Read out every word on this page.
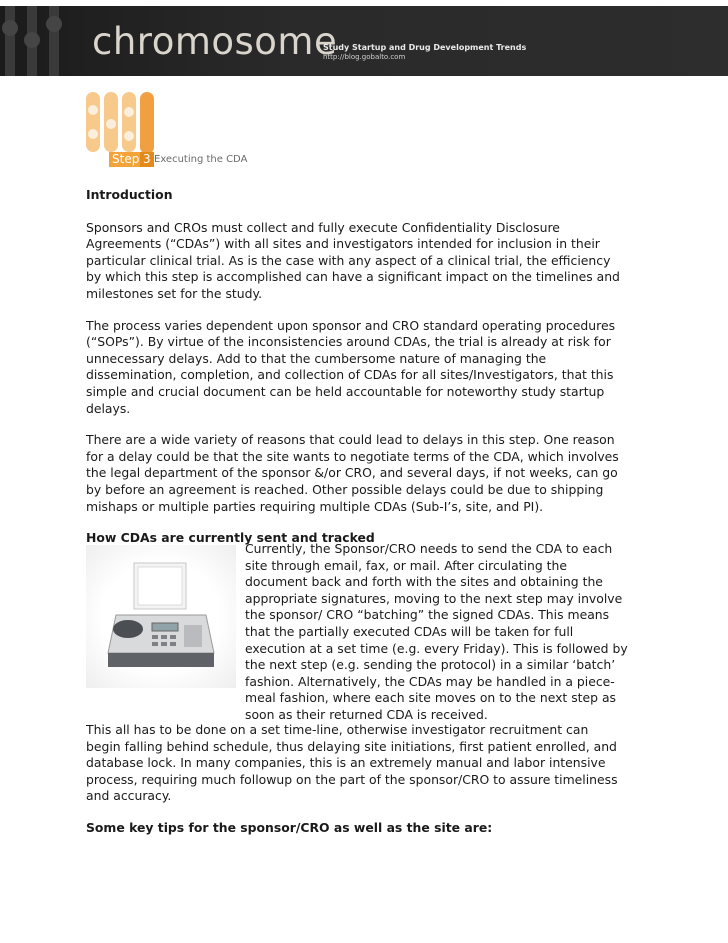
chromosome
Study Startup and Drug Development Trends
http://blog.gobalto.com
Step 3 Executing the CDA

Introduction

Sponsors and CROs must collect and fully execute Confidentiality Disclosure Agreements (“CDAs”) with all sites and investigators intended for inclusion in their particular clinical trial. As is the case with any aspect of a clinical trial, the efficiency by which this step is accomplished can have a significant impact on the timelines and milestones set for the study.

The process varies dependent upon sponsor and CRO standard operating procedures (“SOPs”). By virtue of the inconsistencies around CDAs, the trial is already at risk for unnecessary delays. Add to that the cumbersome nature of managing the dissemination, completion, and collection of CDAs for all sites/Investigators, that this simple and crucial document can be held accountable for noteworthy study startup delays.

There are a wide variety of reasons that could lead to delays in this step. One reason for a delay could be that the site wants to negotiate terms of the CDA, which involves the legal department of the sponsor &/or CRO, and several days, if not weeks, can go by before an agreement is reached. Other possible delays could be due to shipping mishaps or multiple parties requiring multiple CDAs (Sub-I’s, site, and PI).

How CDAs are currently sent and tracked

Currently, the Sponsor/CRO needs to send the CDA to each site through email, fax, or mail. After circulating the document back and forth with the sites and obtaining the appropriate signatures, moving to the next step may involve the sponsor/ CRO “batching” the signed CDAs. This means that the partially executed CDAs will be taken for full execution at a set time (e.g. every Friday). This is followed by the next step (e.g. sending the protocol) in a similar ‘batch’ fashion. Alternatively, the CDAs may be handled in a piece-meal fashion, where each site moves on to the next step as soon as their returned CDA is received.

This all has to be done on a set time-line, otherwise investigator recruitment can begin falling behind schedule, thus delaying site initiations, first patient enrolled, and database lock. In many companies, this is an extremely manual and labor intensive process, requiring much followup on the part of the sponsor/CRO to assure timeliness and accuracy.

Some key tips for the sponsor/CRO as well as the site are:
